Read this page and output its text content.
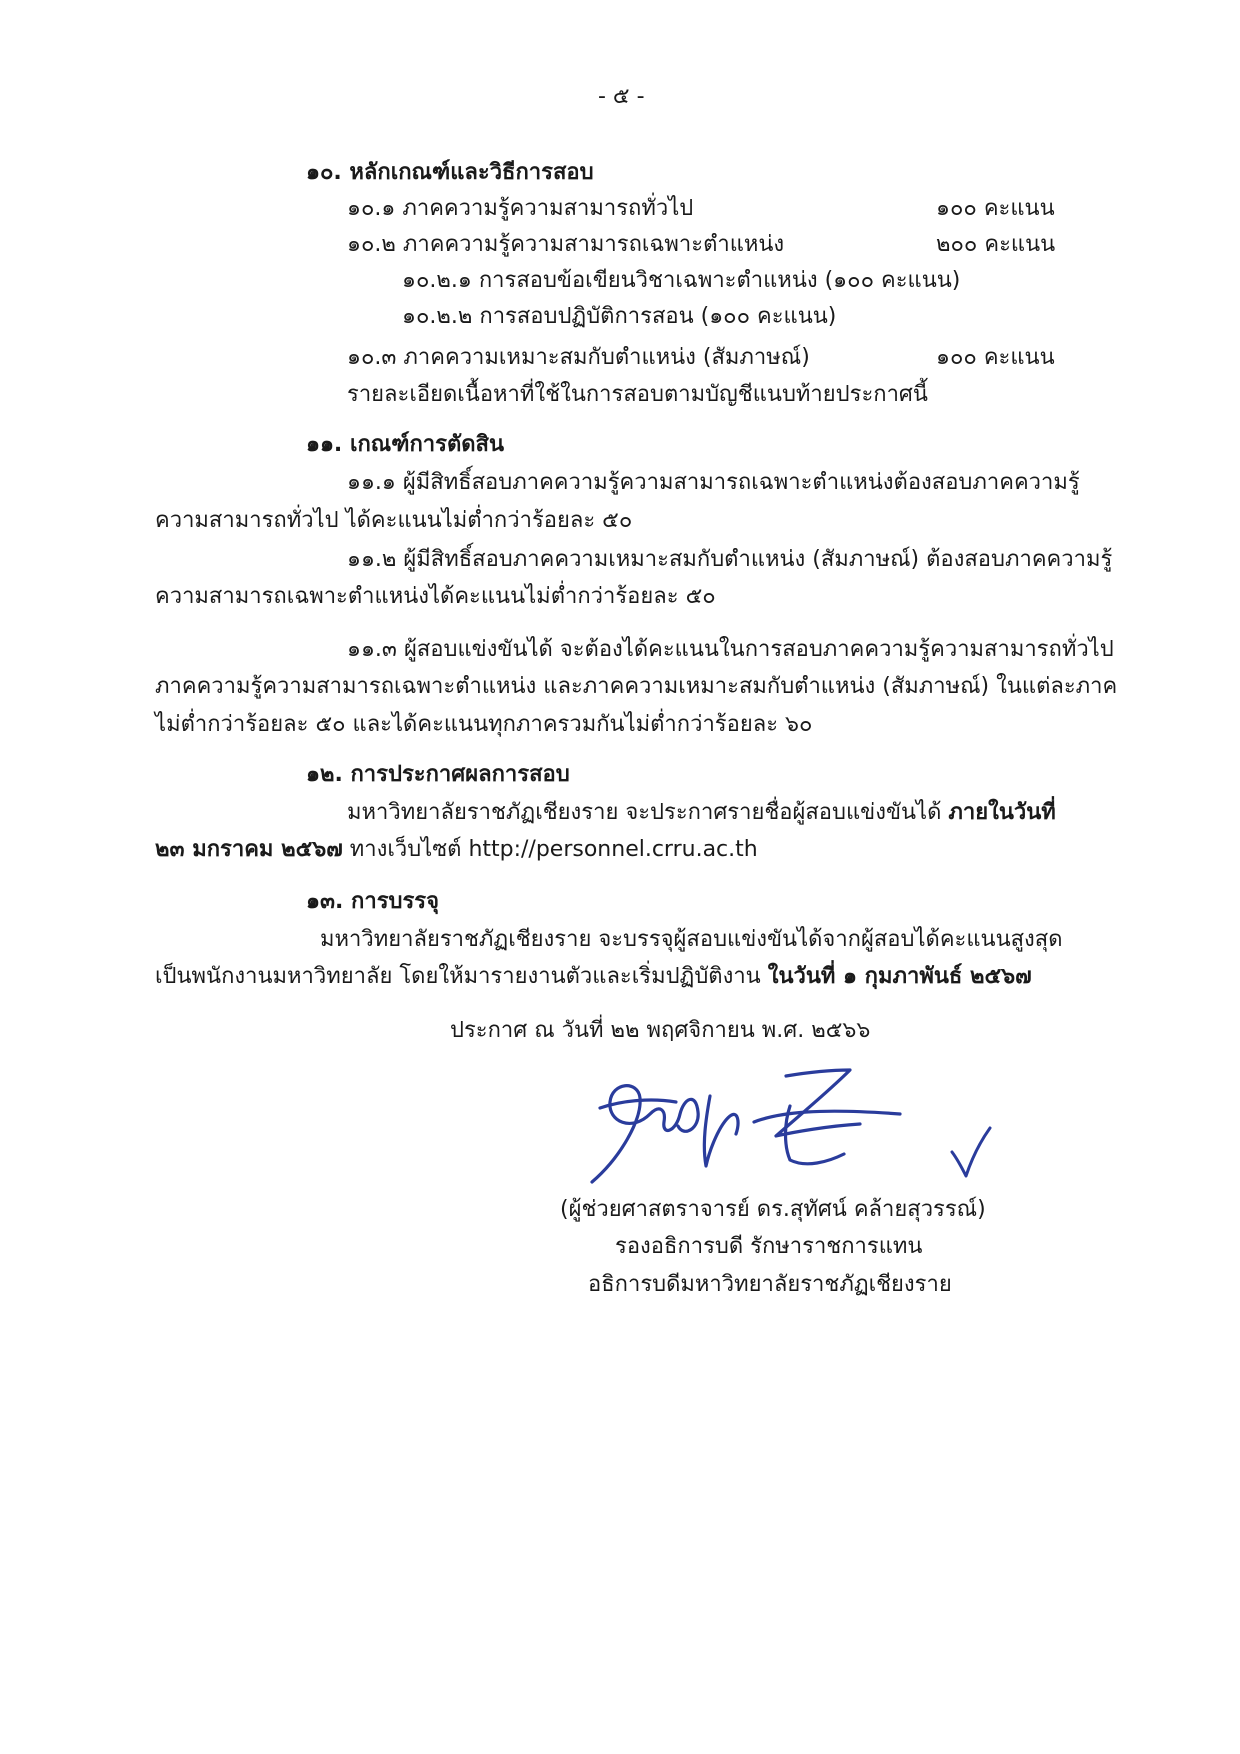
- ๕ -
๑๐. หลักเกณฑ์และวิธีการสอบ
๑๐.๑ ภาคความรู้ความสามารถทั่วไป	๑๐๐ คะแนน
๑๐.๒ ภาคความรู้ความสามารถเฉพาะตำแหน่ง	๒๐๐ คะแนน
๑๐.๒.๑ การสอบข้อเขียนวิชาเฉพาะตำแหน่ง (๑๐๐ คะแนน)
๑๐.๒.๒ การสอบปฏิบัติการสอน (๑๐๐ คะแนน)
๑๐.๓ ภาคความเหมาะสมกับตำแหน่ง (สัมภาษณ์)	๑๐๐ คะแนน
รายละเอียดเนื้อหาที่ใช้ในการสอบตามบัญชีแนบท้ายประกาศนี้
๑๑. เกณฑ์การตัดสิน
๑๑.๑ ผู้มีสิทธิ์สอบภาคความรู้ความสามารถเฉพาะตำแหน่งต้องสอบภาคความรู้
ความสามารถทั่วไป ได้คะแนนไม่ต่ำกว่าร้อยละ ๕๐
๑๑.๒ ผู้มีสิทธิ์สอบภาคความเหมาะสมกับตำแหน่ง (สัมภาษณ์) ต้องสอบภาคความรู้
ความสามารถเฉพาะตำแหน่งได้คะแนนไม่ต่ำกว่าร้อยละ ๕๐
๑๑.๓ ผู้สอบแข่งขันได้ จะต้องได้คะแนนในการสอบภาคความรู้ความสามารถทั่วไป
ภาคความรู้ความสามารถเฉพาะตำแหน่ง และภาคความเหมาะสมกับตำแหน่ง (สัมภาษณ์) ในแต่ละภาค
ไม่ต่ำกว่าร้อยละ ๕๐ และได้คะแนนทุกภาครวมกันไม่ต่ำกว่าร้อยละ ๖๐
๑๒. การประกาศผลการสอบ
มหาวิทยาลัยราชภัฏเชียงราย จะประกาศรายชื่อผู้สอบแข่งขันได้ ภายในวันที่
๒๓ มกราคม ๒๕๖๗ ทางเว็บไซต์ http://personnel.crru.ac.th
๑๓. การบรรจุ
มหาวิทยาลัยราชภัฏเชียงราย จะบรรจุผู้สอบแข่งขันได้จากผู้สอบได้คะแนนสูงสุด
เป็นพนักงานมหาวิทยาลัย โดยให้มารายงานตัวและเริ่มปฏิบัติงาน ในวันที่ ๑ กุมภาพันธ์ ๒๕๖๗
ประกาศ ณ วันที่ ๒๒ พฤศจิกายน พ.ศ. ๒๕๖๖
(ผู้ช่วยศาสตราจารย์ ดร.สุทัศน์ คล้ายสุวรรณ์)
รองอธิการบดี รักษาราชการแทน
อธิการบดีมหาวิทยาลัยราชภัฏเชียงราย
